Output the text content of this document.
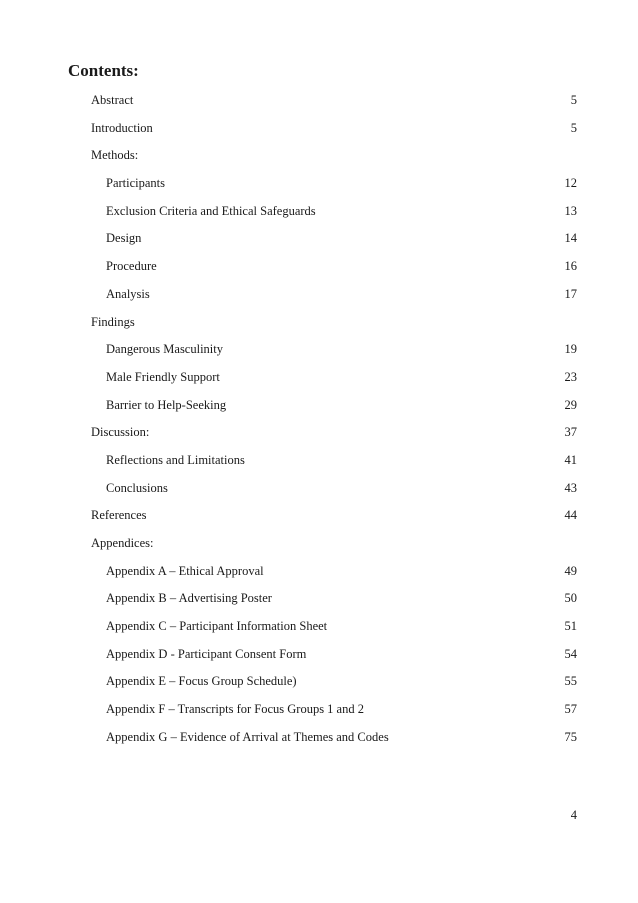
Contents:
Abstract	5
Introduction	5
Methods:
Participants	12
Exclusion Criteria and Ethical Safeguards	13
Design	14
Procedure	16
Analysis	17
Findings
Dangerous Masculinity	19
Male Friendly Support	23
Barrier to Help-Seeking	29
Discussion:	37
Reflections and Limitations	41
Conclusions	43
References	44
Appendices:
Appendix A – Ethical Approval	49
Appendix B – Advertising Poster	50
Appendix C – Participant Information Sheet	51
Appendix D - Participant Consent Form	54
Appendix E – Focus Group Schedule)	55
Appendix F – Transcripts for Focus Groups 1 and 2	57
Appendix G – Evidence of Arrival at Themes and Codes	75
4
